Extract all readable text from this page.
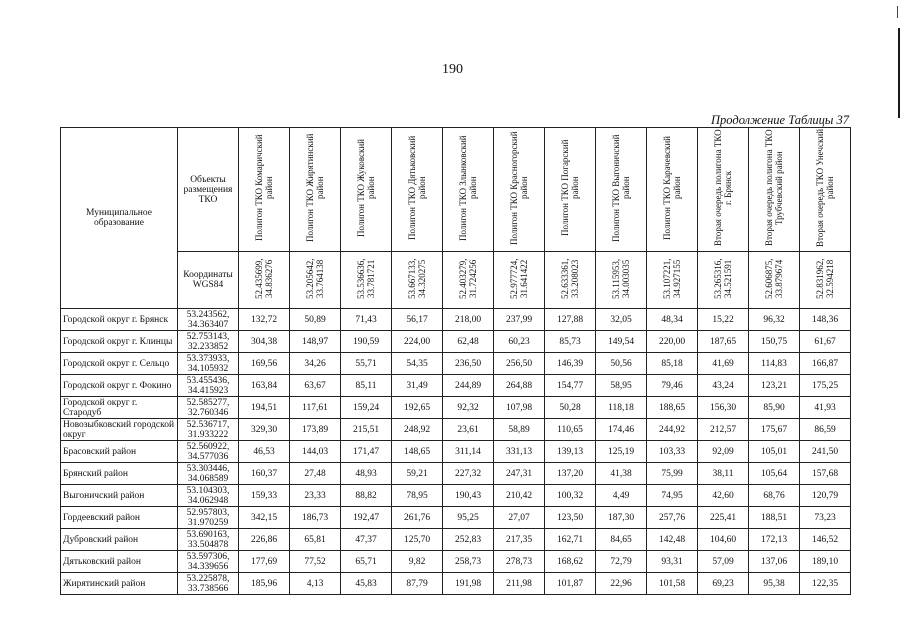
190
Продолжение Таблицы 37
Муниципальное образование	Объекты размещения ТКО	Полигон ТКО Комаричский район	Полигон ТКО Жирятинский район	Полигон ТКО Жуковский район	Полигон ТКО Дятьковский район	Полигон ТКО Злынковский район	Полигон ТКО Красногорский район	Полигон ТКО Погарский район	Полигон ТКО Выгоничский район	Полигон ТКО Карачевский район	Вторая очередь полигона ТКО г. Брянск	Вторая очередь полигона ТКО Трубчевский район	Вторая очередь ТКО Унечский район
	Координаты WGS84	52.435699, 34.836276	53.205642, 33.764138	53.536636, 33.781721	53.667133, 34.320275	52.403279, 31.724256	52.977724, 31.641422	52.633361, 33.208023	53.115953, 34.003035	53.107221, 34.927155	53.265316, 34.521591	52.606875, 33.879674	52.831962, 32.594218
Городской округ г. Брянск	53.243562, 34.363407	132,72	50,89	71,43	56,17	218,00	237,99	127,88	32,05	48,34	15,22	96,32	148,36
Городской округ г. Клинцы	52.753143, 32.233852	304,38	148,97	190,59	224,00	62,48	60,23	85,73	149,54	220,00	187,65	150,75	61,67
Городской округ г. Сельцо	53.373933, 34.105932	169,56	34,26	55,71	54,35	236,50	256,50	146,39	50,56	85,18	41,69	114,83	166,87
Городской округ г. Фокино	53.455436, 34.415923	163,84	63,67	85,11	31,49	244,89	264,88	154,77	58,95	79,46	43,24	123,21	175,25
Городской округ г. Стародуб	52.585277, 32.760346	194,51	117,61	159,24	192,65	92,32	107,98	50,28	118,18	188,65	156,30	85,90	41,93
Новозыбковский городской округ	52.536717, 31.933222	329,30	173,89	215,51	248,92	23,61	58,89	110,65	174,46	244,92	212,57	175,67	86,59
Брасовский район	52.560922, 34.577036	46,53	144,03	171,47	148,65	311,14	331,13	139,13	125,19	103,33	92,09	105,01	241,50
Брянский район	53.303446, 34.068589	160,37	27,48	48,93	59,21	227,32	247,31	137,20	41,38	75,99	38,11	105,64	157,68
Выгоничский район	53.104303, 34.062948	159,33	23,33	88,82	78,95	190,43	210,42	100,32	4,49	74,95	42,60	68,76	120,79
Гордеевский район	52.957803, 31.970259	342,15	186,73	192,47	261,76	95,25	27,07	123,50	187,30	257,76	225,41	188,51	73,23
Дубровский район	53.690163, 33.504878	226,86	65,81	47,37	125,70	252,83	217,35	162,71	84,65	142,48	104,60	172,13	146,52
Дятьковский район	53.597306, 34.339656	177,69	77,52	65,71	9,82	258,73	278,73	168,62	72,79	93,31	57,09	137,06	189,10
Жирятинский район	53.225878, 33.738566	185,96	4,13	45,83	87,79	191,98	211,98	101,87	22,96	101,58	69,23	95,38	122,35
